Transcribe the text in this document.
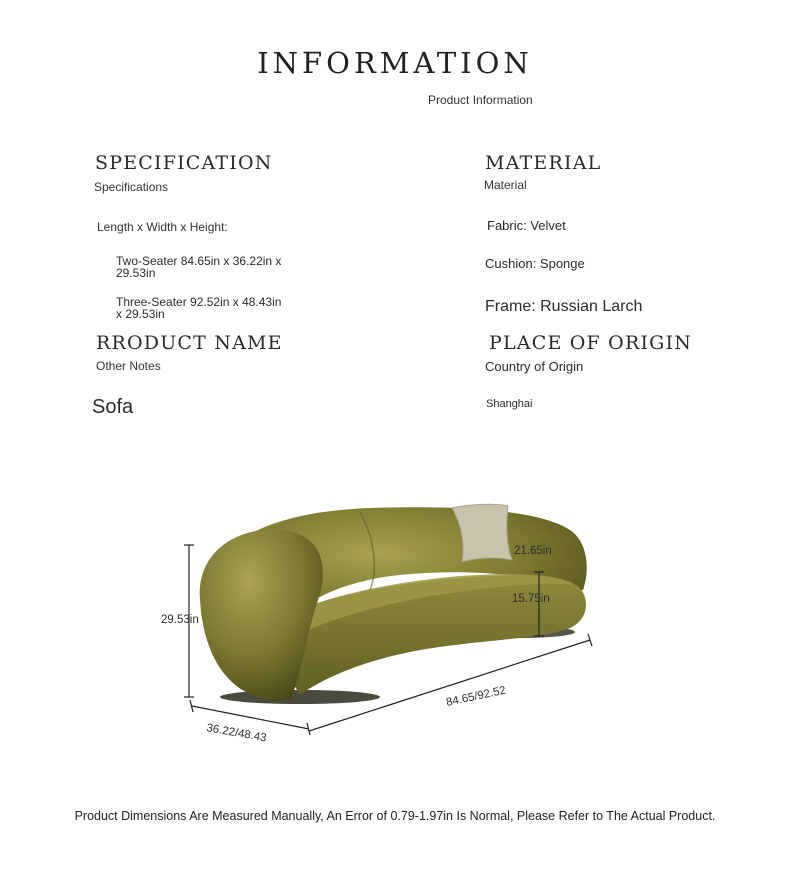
INFORMATION
Product Information
SPECIFICATION
Specifications
Length x Width x Height:
Two-Seater 84.65in x 36.22in x 29.53in
Three-Seater 92.52in x 48.43in x 29.53in
MATERIAL
Material
Fabric: Velvet
Cushion: Sponge
Frame: Russian Larch
RRODUCT NAME
Other Notes
Sofa
PLACE OF ORIGIN
Country of Origin
Shanghai
29.53in
36.22/48.43
84.65/92.52
21.65in
15.75in
Product Dimensions Are Measured Manually, An Error of 0.79-1.97in Is Normal, Please Refer to The Actual Product.
